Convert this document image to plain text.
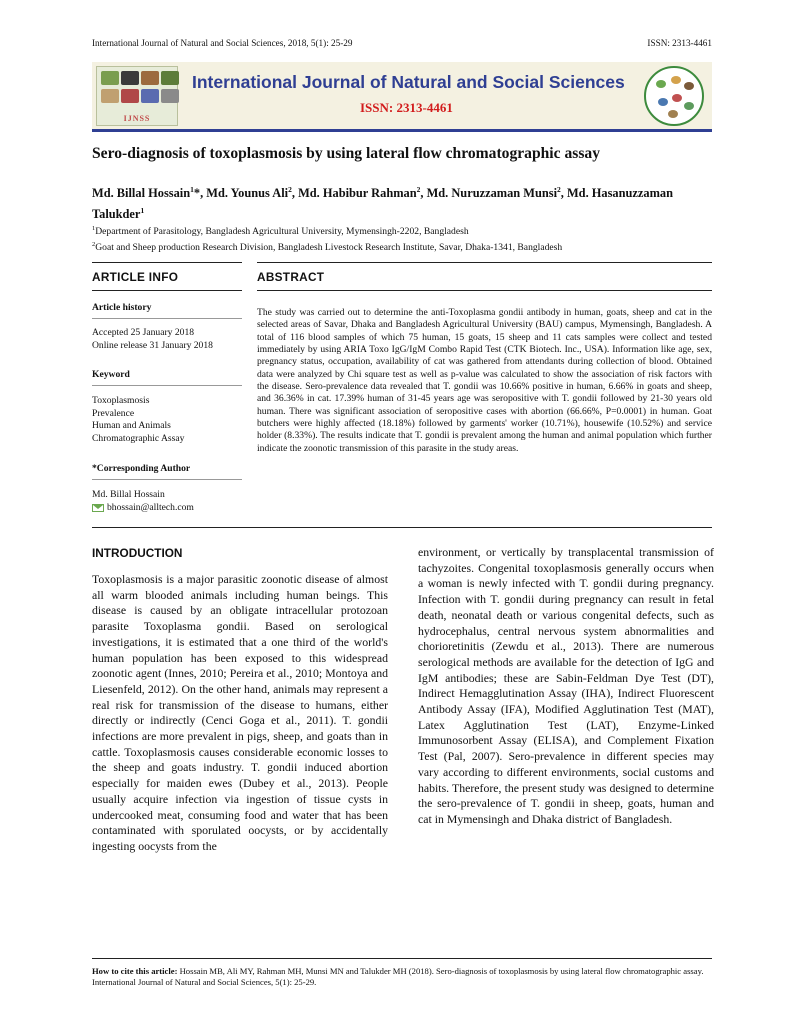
International Journal of Natural and Social Sciences, 2018, 5(1): 25-29	ISSN: 2313-4461
IJNSS
International Journal of Natural and Social Sciences
ISSN: 2313-4461
Sero-diagnosis of toxoplasmosis by using lateral flow chromatographic assay
Md. Billal Hossain$^1$*, Md. Younus Ali$^2$, Md. Habibur Rahman$^2$, Md. Nuruzzaman Munsi$^2$, Md. Hasanuzzaman Talukder$^1$
$^1$Department of Parasitology, Bangladesh Agricultural University, Mymensingh-2202, Bangladesh
$^2$Goat and Sheep production Research Division, Bangladesh Livestock Research Institute, Savar, Dhaka-1341, Bangladesh
ARTICLE INFO	ABSTRACT
Article history
Accepted 25 January 2018
Online release 31 January 2018
Keyword
Toxoplasmosis
Prevalence
Human and Animals
Chromatographic Assay
*Corresponding Author
Md. Billal Hossain
bhossain@alltech.com
The study was carried out to determine the anti-Toxoplasma gondii antibody in human, goats, sheep and cat in the selected areas of Savar, Dhaka and Bangladesh Agricultural University (BAU) campus, Mymensingh, Bangladesh. A total of 116 blood samples of which 75 human, 15 goats, 15 sheep and 11 cats samples were collect and tested immediately by using ARIA Toxo IgG/IgM Combo Rapid Test (CTK Biotech. Inc., USA). Information like age, sex, pregnancy status, occupation, availability of cat was gathered from attendants during collection of blood. Obtained data were analyzed by Chi square test as well as p-value was calculated to show the association of risk factors with the disease. Sero-prevalence data revealed that T. gondii was 10.66% positive in human, 6.66% in goats and sheep, and 36.36% in cat. 17.39% human of 31-45 years age was seropositive with T. gondii followed by 21-30 years old human. There was significant association of seropositive cases with abortion (66.66%, P=0.0001) in human. Goat butchers were highly affected (18.18%) followed by garments' worker (10.71%), housewife (10.52%) and service holder (8.33%). The results indicate that T. gondii is prevalent among the human and animal population which further indicate the zoonotic transmission of this parasite in the study areas.
INTRODUCTION
Toxoplasmosis is a major parasitic zoonotic disease of almost all warm blooded animals including human beings. This disease is caused by an obligate intracellular protozoan parasite Toxoplasma gondii. Based on serological investigations, it is estimated that a one third of the world's human population has been exposed to this widespread zoonotic agent (Innes, 2010; Pereira et al., 2010; Montoya and Liesenfeld, 2012). On the other hand, animals may represent a real risk for transmission of the disease to humans, either directly or indirectly (Cenci Goga et al., 2011). T. gondii infections are more prevalent in pigs, sheep, and goats than in cattle. Toxoplasmosis causes considerable economic losses to the sheep and goats industry. T. gondii induced abortion especially for maiden ewes (Dubey et al., 2013). People usually acquire infection via ingestion of tissue cysts in undercooked meat, consuming food and water that has been contaminated with sporulated oocysts, or by accidentally ingesting oocysts from the
environment, or vertically by transplacental transmission of tachyzoites. Congenital toxoplasmosis generally occurs when a woman is newly infected with T. gondii during pregnancy. Infection with T. gondii during pregnancy can result in fetal death, neonatal death or various congenital defects, such as hydrocephalus, central nervous system abnormalities and chorioretinitis (Zewdu et al., 2013). There are numerous serological methods are available for the detection of IgG and IgM antibodies; these are Sabin-Feldman Dye Test (DT), Indirect Hemagglutination Assay (IHA), Indirect Fluorescent Antibody Assay (IFA), Modified Agglutination Test (MAT), Latex Agglutination Test (LAT), Enzyme-Linked Immunosorbent Assay (ELISA), and Complement Fixation Test (Pal, 2007). Sero-prevalence in different species may vary according to different environments, social customs and habits. Therefore, the present study was designed to determine the sero-prevalence of T. gondii in sheep, goats, human and cat in Mymensingh and Dhaka district of Bangladesh.
How to cite this article: Hossain MB, Ali MY, Rahman MH, Munsi MN and Talukder MH (2018). Sero-diagnosis of toxoplasmosis by using lateral flow chromatographic assay. International Journal of Natural and Social Sciences, 5(1): 25-29.
